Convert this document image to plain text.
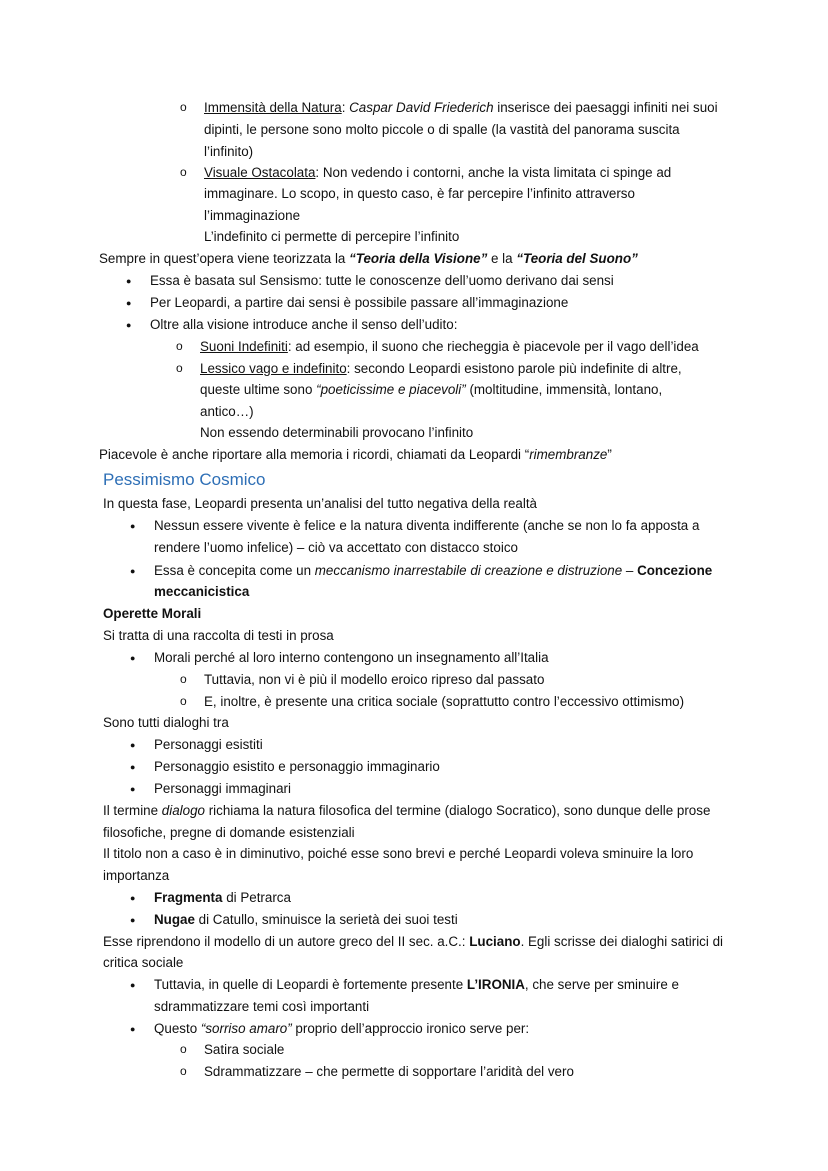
o Immensità della Natura: Caspar David Friederich inserisce dei paesaggi infiniti nei suoi
dipinti, le persone sono molto piccole o di spalle (la vastità del panorama suscita
l’infinito)
o Visuale Ostacolata: Non vedendo i contorni, anche la vista limitata ci spinge ad
immaginare. Lo scopo, in questo caso, è far percepire l’infinito attraverso
l’immaginazione
L’indefinito ci permette di percepire l’infinito
Sempre in quest’opera viene teorizzata la “Teoria della Visione” e la “Teoria del Suono”
● Essa è basata sul Sensismo: tutte le conoscenze dell’uomo derivano dai sensi
● Per Leopardi, a partire dai sensi è possibile passare all’immaginazione
● Oltre alla visione introduce anche il senso dell’udito:
o Suoni Indefiniti: ad esempio, il suono che riecheggia è piacevole per il vago dell’idea
o Lessico vago e indefinito: secondo Leopardi esistono parole più indefinite di altre,
queste ultime sono “poeticissime e piacevoli” (moltitudine, immensità, lontano,
antico…)
Non essendo determinabili provocano l’infinito
Piacevole è anche riportare alla memoria i ricordi, chiamati da Leopardi “rimembranze”
Pessimismo Cosmico
In questa fase, Leopardi presenta un’analisi del tutto negativa della realtà
● Nessun essere vivente è felice e la natura diventa indifferente (anche se non lo fa apposta a
rendere l’uomo infelice) – ciò va accettato con distacco stoico
● Essa è concepita come un meccanismo inarrestabile di creazione e distruzione – Concezione
meccanicistica
Operette Morali
Si tratta di una raccolta di testi in prosa
● Morali perché al loro interno contengono un insegnamento all’Italia
o Tuttavia, non vi è più il modello eroico ripreso dal passato
o E, inoltre, è presente una critica sociale (soprattutto contro l’eccessivo ottimismo)
Sono tutti dialoghi tra
● Personaggi esistiti
● Personaggio esistito e personaggio immaginario
● Personaggi immaginari
Il termine dialogo richiama la natura filosofica del termine (dialogo Socratico), sono dunque delle prose
filosofiche, pregne di domande esistenziali
Il titolo non a caso è in diminutivo, poiché esse sono brevi e perché Leopardi voleva sminuire la loro
importanza
● Fragmenta di Petrarca
● Nugae di Catullo, sminuisce la serietà dei suoi testi
Esse riprendono il modello di un autore greco del II sec. a.C.: Luciano. Egli scrisse dei dialoghi satirici di
critica sociale
● Tuttavia, in quelle di Leopardi è fortemente presente L’IRONIA, che serve per sminuire e
sdrammatizzare temi così importanti
● Questo “sorriso amaro” proprio dell’approccio ironico serve per:
o Satira sociale
o Sdrammatizzare – che permette di sopportare l’aridità del vero
